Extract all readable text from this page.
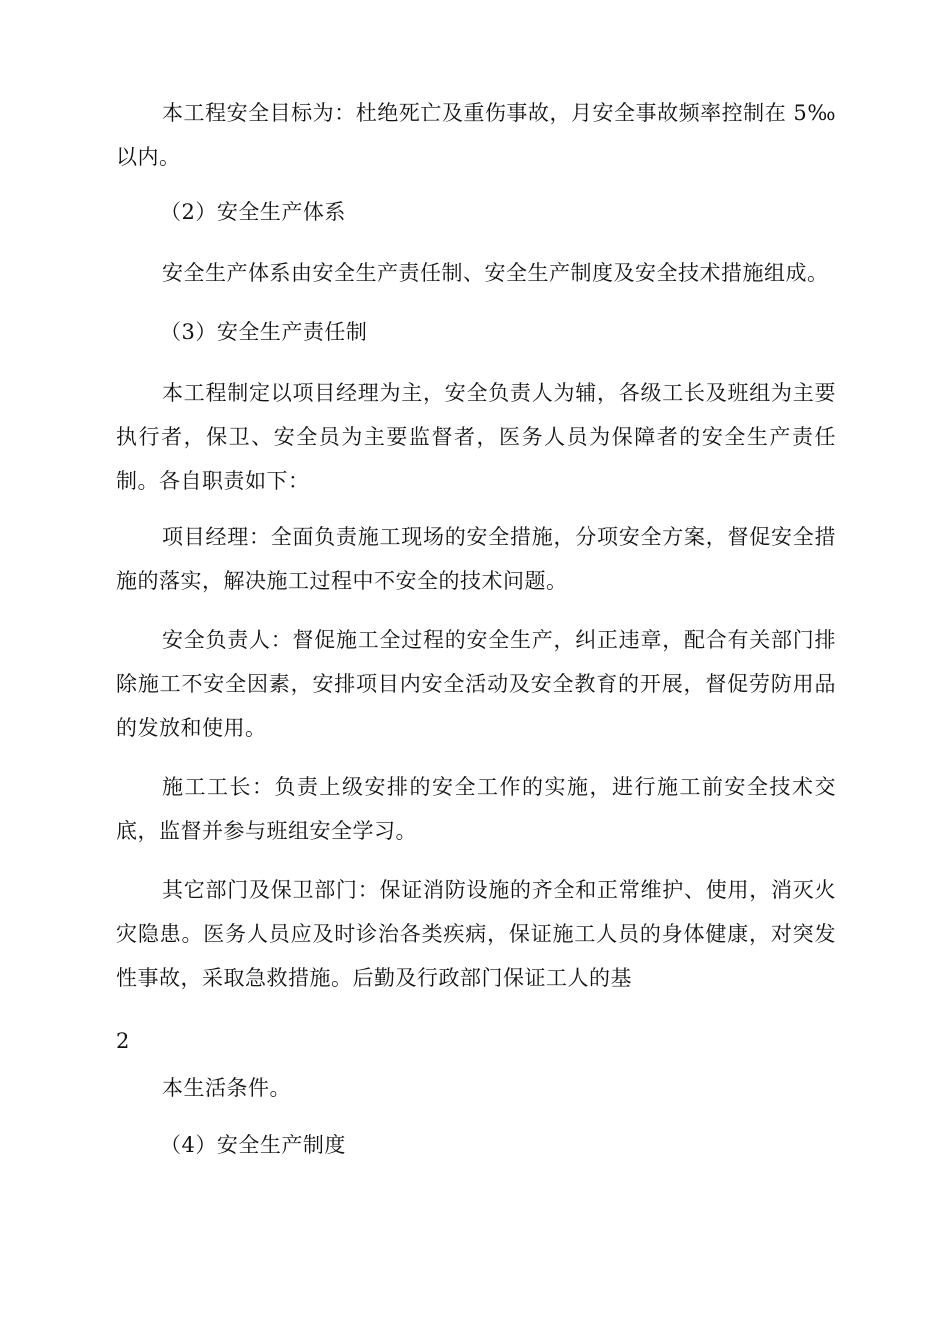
本工程安全目标为：杜绝死亡及重伤事故，月安全事故频率控制在 5‰以内。

（2）安全生产体系

安全生产体系由安全生产责任制、安全生产制度及安全技术措施组成。

（3）安全生产责任制

本工程制定以项目经理为主，安全负责人为辅，各级工长及班组为主要执行者，保卫、安全员为主要监督者，医务人员为保障者的安全生产责任制。各自职责如下：

项目经理：全面负责施工现场的安全措施，分项安全方案，督促安全措施的落实，解决施工过程中不安全的技术问题。

安全负责人：督促施工全过程的安全生产，纠正违章，配合有关部门排除施工不安全因素，安排项目内安全活动及安全教育的开展，督促劳防用品的发放和使用。

施工工长：负责上级安排的安全工作的实施，进行施工前安全技术交底，监督并参与班组安全学习。

其它部门及保卫部门：保证消防设施的齐全和正常维护、使用，消灭火灾隐患。医务人员应及时诊治各类疾病，保证施工人员的身体健康，对突发性事故，采取急救措施。后勤及行政部门保证工人的基

2

本生活条件。

（4）安全生产制度
